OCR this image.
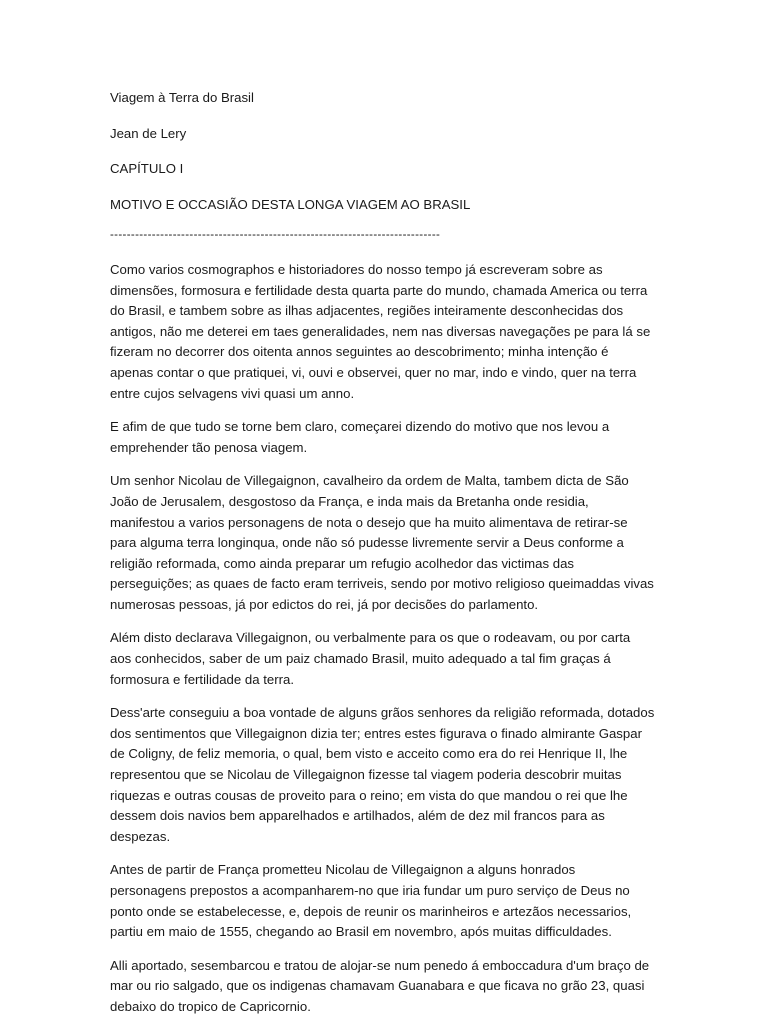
Viagem à Terra do Brasil
Jean de Lery
CAPÍTULO I
MOTIVO E OCCASIÃO DESTA LONGA VIAGEM AO BRASIL
-------------------------------------------------------------------------------

Como varios cosmographos e historiadores do nosso tempo já escreveram sobre as dimensões, formosura e fertilidade desta quarta parte do mundo, chamada America ou terra do Brasil, e tambem sobre as ilhas adjacentes, regiões inteiramente desconhecidas dos antigos, não me deterei em taes generalidades, nem nas diversas navegações pe para lá se fizeram no decorrer dos oitenta annos seguintes ao descobrimento; minha intenção é apenas contar o que pratiquei, vi, ouvi e observei, quer no mar, indo e vindo, quer na terra entre cujos selvagens vivi quasi um anno.

E afim de que tudo se torne bem claro, começarei dizendo do motivo que nos levou a emprehender tão penosa viagem.

Um senhor Nicolau de Villegaignon, cavalheiro da ordem de Malta, tambem dicta de São João de Jerusalem, desgostoso da França, e inda mais da Bretanha onde residia, manifestou a varios personagens de nota o desejo que ha muito alimentava de retirar-se para alguma terra longinqua, onde não só pudesse livremente servir a Deus conforme a religião reformada, como ainda preparar um refugio acolhedor das victimas das perseguições; as quaes de facto eram terriveis, sendo por motivo religioso queimaddas vivas numerosas pessoas, já por edictos do rei, já por decisões do parlamento.

Além disto declarava Villegaignon, ou verbalmente para os que o rodeavam, ou por carta aos conhecidos, saber de um paiz chamado Brasil, muito adequado a tal fim graças á formosura e fertilidade da terra.

Dess'arte conseguiu a boa vontade de alguns grãos senhores da religião reformada, dotados dos sentimentos que Villegaignon dizia ter; entres estes figurava o finado almirante Gaspar de Coligny, de feliz memoria, o qual, bem visto e acceito como era do rei Henrique II, lhe representou que se Nicolau de Villegaignon fizesse tal viagem poderia descobrir muitas riquezas e outras cousas de proveito para o reino; em vista do que mandou o rei que lhe dessem dois navios bem apparelhados e artilhados, além de dez mil francos para as despezas.

Antes de partir de França prometteu Nicolau de Villegaignon a alguns honrados personagens prepostos a acompanharem-no que iria fundar um puro serviço de Deus no ponto onde se estabelecesse, e, depois de reunir os marinheiros e artezãos necessarios, partiu em maio de 1555, chegando ao Brasil em novembro, após muitas difficuldades.

Alli aportado, sesembarcou e tratou de alojar-se num penedo á emboccadura d'um braço de mar ou rio salgado, que os indigenas chamavam Guanabara e que ficava no grão 23, quasi debaixo do tropico de Capricornio.
